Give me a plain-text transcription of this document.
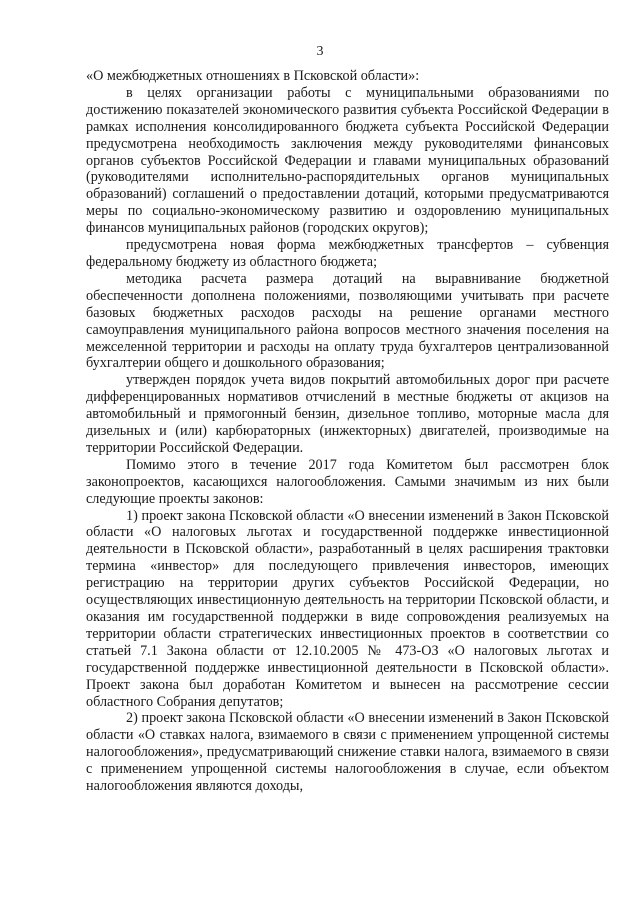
3

«О межбюджетных отношениях в Псковской области»:

в целях организации работы с муниципальными образованиями по достижению показателей экономического развития субъекта Российской Федерации в рамках исполнения консолидированного бюджета субъекта Российской Федерации предусмотрена необходимость заключения между руководителями финансовых органов субъектов Российской Федерации и главами муниципальных образований (руководителями исполнительно-распорядительных органов муниципальных образований) соглашений о предоставлении дотаций, которыми предусматриваются меры по социально-экономическому развитию и оздоровлению муниципальных финансов муниципальных районов (городских округов);

предусмотрена новая форма межбюджетных трансфертов – субвенция федеральному бюджету из областного бюджета;

методика расчета размера дотаций на выравнивание бюджетной обеспеченности дополнена положениями, позволяющими учитывать при расчете базовых бюджетных расходов расходы на решение органами местного самоуправления муниципального района вопросов местного значения поселения на межселенной территории и расходы на оплату труда бухгалтеров централизованной бухгалтерии общего и дошкольного образования;

утвержден порядок учета видов покрытий автомобильных дорог при расчете дифференцированных нормативов отчислений в местные бюджеты от акцизов на автомобильный и прямогонный бензин, дизельное топливо, моторные масла для дизельных и (или) карбюраторных (инжекторных) двигателей, производимые на территории Российской Федерации.

Помимо этого в течение 2017 года Комитетом был рассмотрен блок законопроектов, касающихся налогообложения. Самыми значимым из них были следующие проекты законов:

1) проект закона Псковской области «О внесении изменений в Закон Псковской области «О налоговых льготах и государственной поддержке инвестиционной деятельности в Псковской области», разработанный в целях расширения трактовки термина «инвестор» для последующего привлечения инвесторов, имеющих регистрацию на территории других субъектов Российской Федерации, но осуществляющих инвестиционную деятельность на территории Псковской области, и оказания им государственной поддержки в виде сопровождения реализуемых на территории области стратегических инвестиционных проектов в соответствии со статьей 7.1 Закона области от 12.10.2005 № 473-ОЗ «О налоговых льготах и государственной поддержке инвестиционной деятельности в Псковской области». Проект закона был доработан Комитетом и вынесен на рассмотрение сессии областного Собрания депутатов;

2) проект закона Псковской области «О внесении изменений в Закон Псковской области «О ставках налога, взимаемого в связи с применением упрощенной системы налогообложения», предусматривающий снижение ставки налога, взимаемого в связи с применением упрощенной системы налогообложения в случае, если объектом налогообложения являются доходы,
